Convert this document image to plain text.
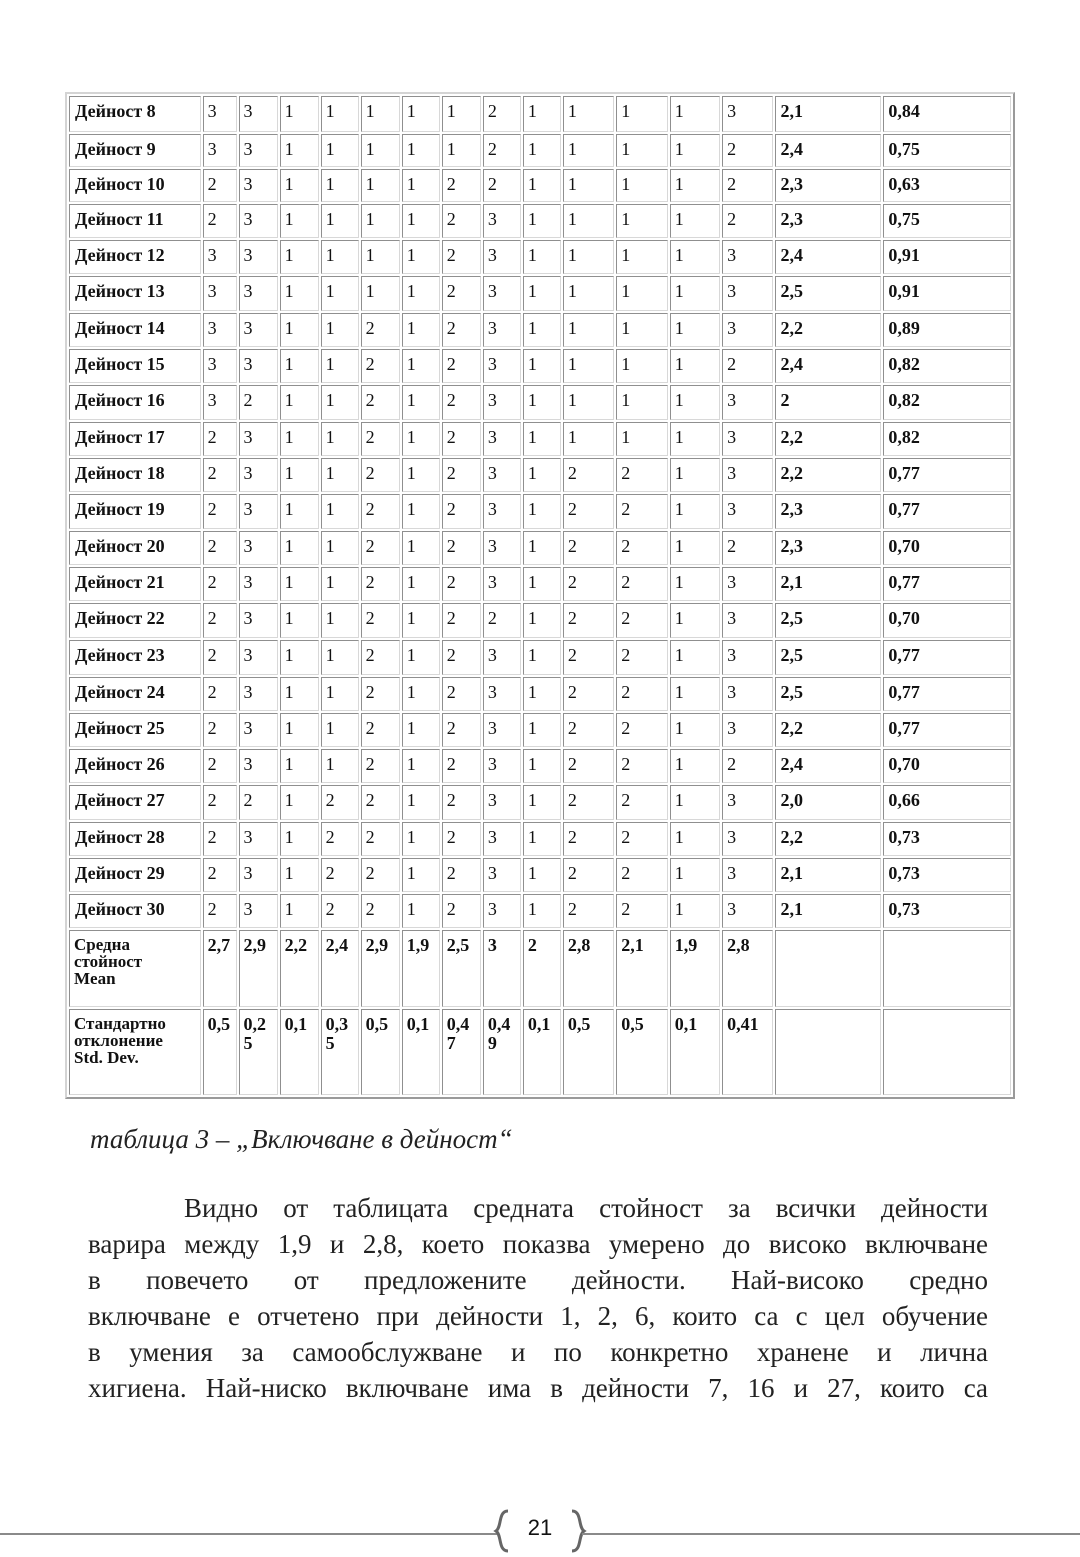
Дейност 8	3	3	1	1	1	1	1	2	1	1	1	1	3	2,1	0,84
Дейност 9	3	3	1	1	1	1	1	2	1	1	1	1	2	2,4	0,75
Дейност 10	2	3	1	1	1	1	2	2	1	1	1	1	2	2,3	0,63
Дейност 11	2	3	1	1	1	1	2	3	1	1	1	1	2	2,3	0,75
Дейност 12	3	3	1	1	1	1	2	3	1	1	1	1	3	2,4	0,91
Дейност 13	3	3	1	1	1	1	2	3	1	1	1	1	3	2,5	0,91
Дейност 14	3	3	1	1	2	1	2	3	1	1	1	1	3	2,2	0,89
Дейност 15	3	3	1	1	2	1	2	3	1	1	1	1	2	2,4	0,82
Дейност 16	3	2	1	1	2	1	2	3	1	1	1	1	3	2	0,82
Дейност 17	2	3	1	1	2	1	2	3	1	1	1	1	3	2,2	0,82
Дейност 18	2	3	1	1	2	1	2	3	1	2	2	1	3	2,2	0,77
Дейност 19	2	3	1	1	2	1	2	3	1	2	2	1	3	2,3	0,77
Дейност 20	2	3	1	1	2	1	2	3	1	2	2	1	2	2,3	0,70
Дейност 21	2	3	1	1	2	1	2	3	1	2	2	1	3	2,1	0,77
Дейност 22	2	3	1	1	2	1	2	2	1	2	2	1	3	2,5	0,70
Дейност 23	2	3	1	1	2	1	2	3	1	2	2	1	3	2,5	0,77
Дейност 24	2	3	1	1	2	1	2	3	1	2	2	1	3	2,5	0,77
Дейност 25	2	3	1	1	2	1	2	3	1	2	2	1	3	2,2	0,77
Дейност 26	2	3	1	1	2	1	2	3	1	2	2	1	2	2,4	0,70
Дейност 27	2	2	1	2	2	1	2	3	1	2	2	1	3	2,0	0,66
Дейност 28	2	3	1	2	2	1	2	3	1	2	2	1	3	2,2	0,73
Дейност 29	2	3	1	2	2	1	2	3	1	2	2	1	3	2,1	0,73
Дейност 30	2	3	1	2	2	1	2	3	1	2	2	1	3	2,1	0,73

Средна
стойност
Mean	2,7	2,9	2,2	2,4	2,9	1,9	2,5	3	2	2,8	2,1	1,9	2,8		

Стандартно
отклонение
Std. Dev.	0,5	0,25	0,1	0,35	0,5	0,1	0,47	0,49	0,1	0,5	0,5	0,1	0,41		
таблица 3 – „Включване в дейност“
Видно от таблицата средната стойност за всички дейности
варира между 1,9 и 2,8, което показва умерено до високо включване
в повечето от предложените дейности. Най-високо средно
включване е отчетено при дейности 1, 2, 6, които са с цел обучение
в умения за самообслужване и по конкретно хранене и лична
хигиена. Най-ниско включване има в дейности 7, 16 и 27, които са
21
